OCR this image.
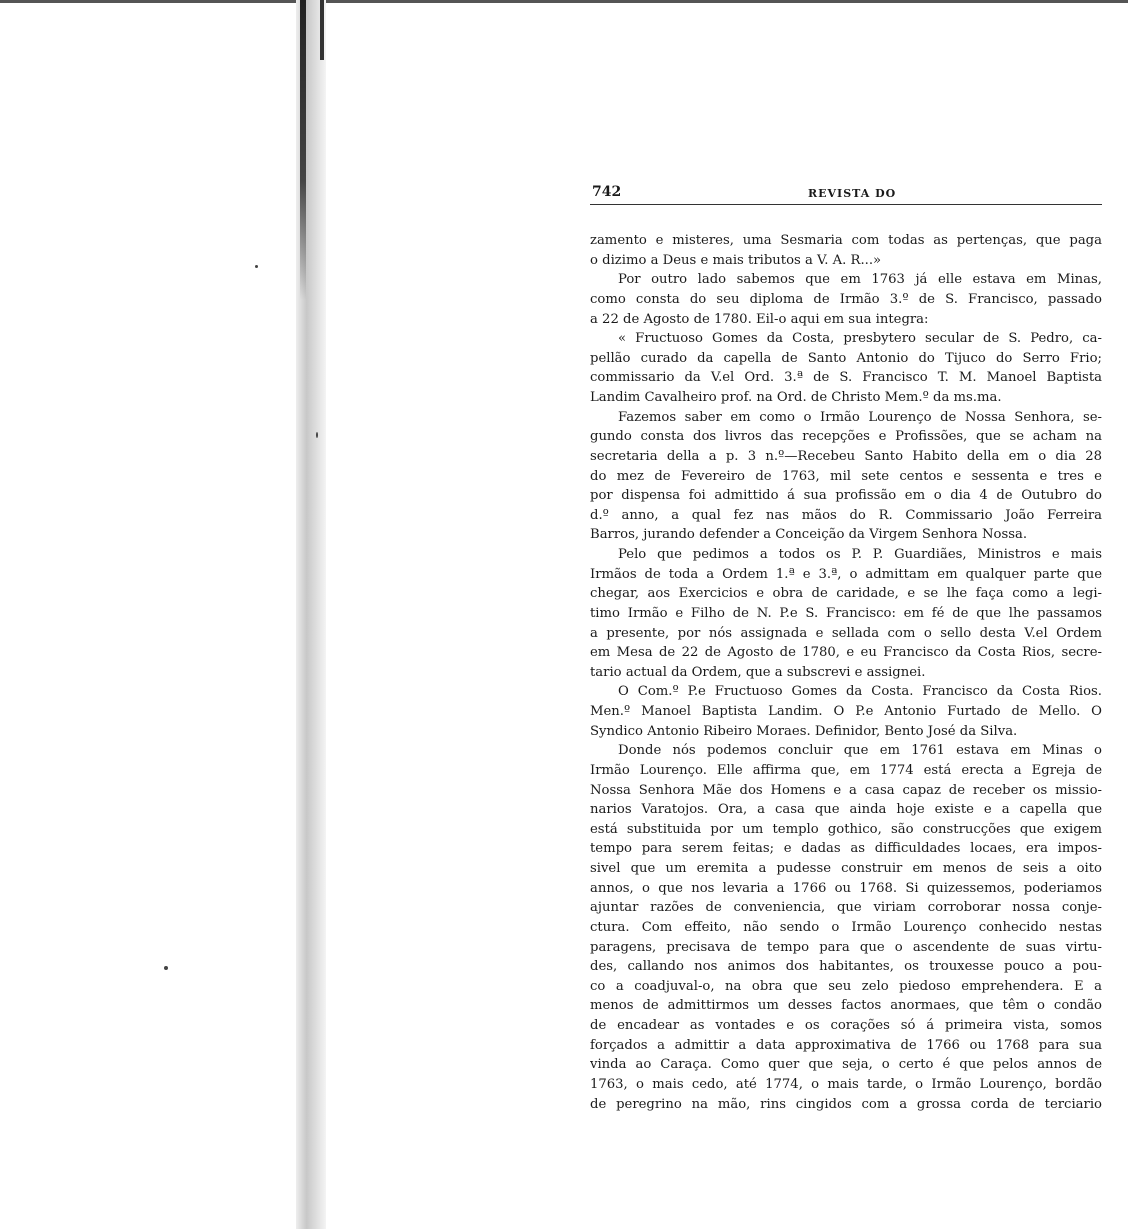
742	REVISTA DO
zamento e misteres, uma Sesmaria com todas as pertenças, que paga
o dizimo a Deus e mais tributos a V. A. R...»
Por outro lado sabemos que em 1763 já elle estava em Minas,
como consta do seu diploma de Irmão 3.º de S. Francisco, passado
a 22 de Agosto de 1780. Eil-o aqui em sua integra:
« Fructuoso Gomes da Costa, presbytero secular de S. Pedro, ca-
pellão curado da capella de Santo Antonio do Tijuco do Serro Frio;
commissario da V.el Ord. 3.ª de S. Francisco T. M. Manoel Baptista
Landim Cavalheiro prof. na Ord. de Christo Mem.º da ms.ma.
Fazemos saber em como o Irmão Lourenço de Nossa Senhora, se-
gundo consta dos livros das recepções e Profissões, que se acham na
secretaria della a p. 3 n.º—Recebeu Santo Habito della em o dia 28
do mez de Fevereiro de 1763, mil sete centos e sessenta e tres e
por dispensa foi admittido á sua profissão em o dia 4 de Outubro do
d.º anno, a qual fez nas mãos do R. Commissario João Ferreira
Barros, jurando defender a Conceição da Virgem Senhora Nossa.
Pelo que pedimos a todos os P. P. Guardiães, Ministros e mais
Irmãos de toda a Ordem 1.ª e 3.ª, o admittam em qualquer parte que
chegar, aos Exercicios e obra de caridade, e se lhe faça como a legi-
timo Irmão e Filho de N. P.e S. Francisco: em fé de que lhe passamos
a presente, por nós assignada e sellada com o sello desta V.el Ordem
em Mesa de 22 de Agosto de 1780, e eu Francisco da Costa Rios, secre-
tario actual da Ordem, que a subscrevi e assignei.
O Com.º P.e Fructuoso Gomes da Costa. Francisco da Costa Rios.
Men.º Manoel Baptista Landim. O P.e Antonio Furtado de Mello. O
Syndico Antonio Ribeiro Moraes. Definidor, Bento José da Silva.
Donde nós podemos concluir que em 1761 estava em Minas o
Irmão Lourenço. Elle affirma que, em 1774 está erecta a Egreja de
Nossa Senhora Mãe dos Homens e a casa capaz de receber os missio-
narios Varatojos. Ora, a casa que ainda hoje existe e a capella que
está substituida por um templo gothico, são construcções que exigem
tempo para serem feitas; e dadas as difficuldades locaes, era impos-
sivel que um eremita a pudesse construir em menos de seis a oito
annos, o que nos levaria a 1766 ou 1768. Si quizessemos, poderiamos
ajuntar razões de conveniencia, que viriam corroborar nossa conje-
ctura. Com effeito, não sendo o Irmão Lourenço conhecido nestas
paragens, precisava de tempo para que o ascendente de suas virtu-
des, callando nos animos dos habitantes, os trouxesse pouco a pou-
co a coadjuval-o, na obra que seu zelo piedoso emprehendera. E a
menos de admittirmos um desses factos anormaes, que têm o condão
de encadear as vontades e os corações só á primeira vista, somos
forçados a admittir a data approximativa de 1766 ou 1768 para sua
vinda ao Caraça. Como quer que seja, o certo é que pelos annos de
1763, o mais cedo, até 1774, o mais tarde, o Irmão Lourenço, bordão
de peregrino na mão, rins cingidos com a grossa corda de terciario
